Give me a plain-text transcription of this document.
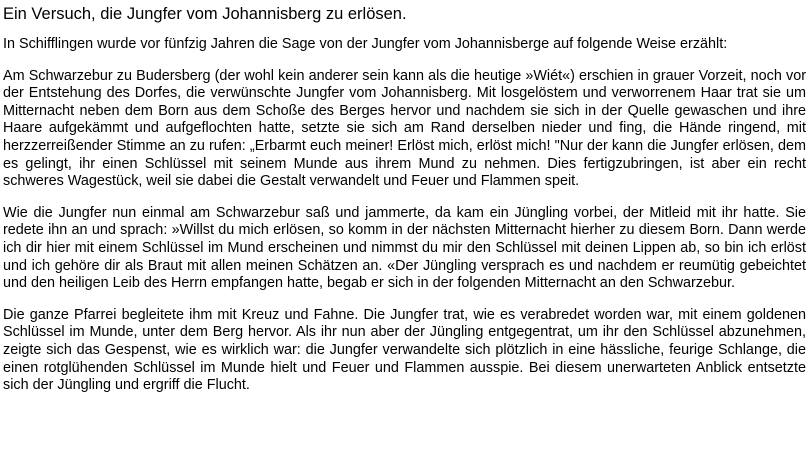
Ein Versuch, die Jungfer vom Johannisberg zu erlösen.

In Schifflingen wurde vor fünfzig Jahren die Sage von der Jungfer vom Johannisberge auf folgende Weise erzählt:

Am Schwarzebur zu Budersberg (der wohl kein anderer sein kann als die heutige »Wiét«) erschien in grauer Vorzeit, noch vor der Entstehung des Dorfes, die verwünschte Jungfer vom Johannisberg. Mit losgelöstem und verworrenem Haar trat sie um Mitternacht neben dem Born aus dem Schoße des Berges hervor und nachdem sie sich in der Quelle gewaschen und ihre Haare aufgekämmt und aufgeflochten hatte, setzte sie sich am Rand derselben nieder und fing, die Hände ringend, mit herzzerreißender Stimme an zu rufen: „Erbarmt euch meiner! Erlöst mich, erlöst mich! "Nur der kann die Jungfer erlösen, dem es gelingt, ihr einen Schlüssel mit seinem Munde aus ihrem Mund zu nehmen. Dies fertigzubringen, ist aber ein recht schweres Wagestück, weil sie dabei die Gestalt verwandelt und Feuer und Flammen speit.

Wie die Jungfer nun einmal am Schwarzebur saß und jammerte, da kam ein Jüngling vorbei, der Mitleid mit ihr hatte. Sie redete ihn an und sprach: »Willst du mich erlösen, so komm in der nächsten Mitternacht hierher zu diesem Born. Dann werde ich dir hier mit einem Schlüssel im Mund erscheinen und nimmst du mir den Schlüssel mit deinen Lippen ab, so bin ich erlöst und ich gehöre dir als Braut mit allen meinen Schätzen an. «Der Jüngling versprach es und nachdem er reumütig gebeichtet und den heiligen Leib des Herrn empfangen hatte, begab er sich in der folgenden Mitternacht an den Schwarzebur.

Die ganze Pfarrei begleitete ihm mit Kreuz und Fahne. Die Jungfer trat, wie es verabredet worden war, mit einem goldenen Schlüssel im Munde, unter dem Berg hervor. Als ihr nun aber der Jüngling entgegentrat, um ihr den Schlüssel abzunehmen, zeigte sich das Gespenst, wie es wirklich war: die Jungfer verwandelte sich plötzlich in eine hässliche, feurige Schlange, die einen rotglühenden Schlüssel im Munde hielt und Feuer und Flammen ausspie. Bei diesem unerwarteten Anblick entsetzte sich der Jüngling und ergriff die Flucht.
